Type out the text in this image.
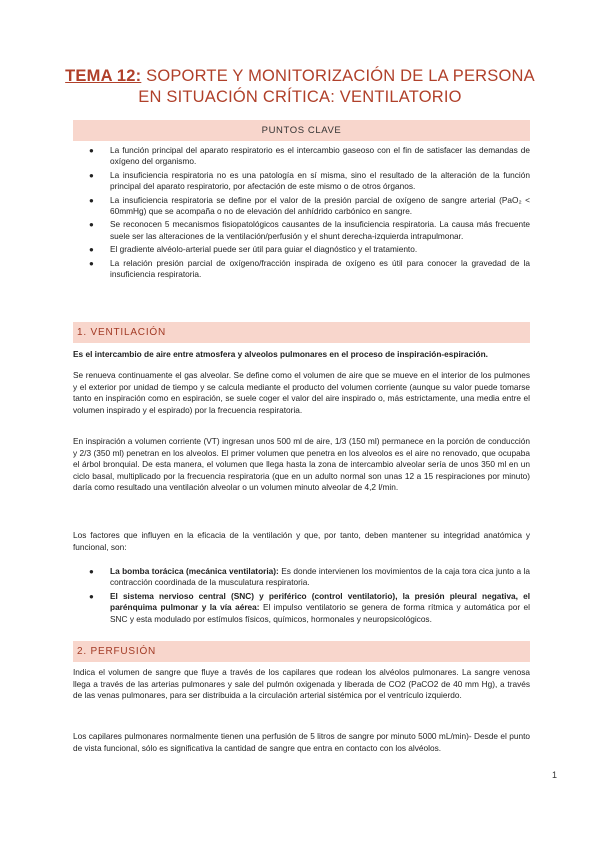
TEMA 12: SOPORTE Y MONITORIZACIÓN DE LA PERSONA
EN SITUACIÓN CRÍTICA: VENTILATORIO
PUNTOS CLAVE
● La función principal del aparato respiratorio es el intercambio gaseoso con el fin de satisfacer las demandas de oxígeno del organismo.
● La insuficiencia respiratoria no es una patología en sí misma, sino el resultado de la alteración de la función principal del aparato respiratorio, por afectación de este mismo o de otros órganos.
● La insuficiencia respiratoria se define por el valor de la presión parcial de oxígeno de sangre arterial (PaO₂ < 60mmHg) que se acompaña o no de elevación del anhídrido carbónico en sangre.
● Se reconocen 5 mecanismos fisiopatológicos causantes de la insuficiencia respiratoria. La causa más frecuente suele ser las alteraciones de la ventilación/perfusión y el shunt derecha-izquierda intrapulmonar.
● El gradiente alvéolo-arterial puede ser útil para guiar el diagnóstico y el tratamiento.
● La relación presión parcial de oxígeno/fracción inspirada de oxígeno es útil para conocer la gravedad de la insuficiencia respiratoria.
1. VENTILACIÓN

Es el intercambio de aire entre atmosfera y alveolos pulmonares en el proceso de inspiración-espiración.

Se renueva continuamente el gas alveolar. Se define como el volumen de aire que se mueve en el interior de los pulmones y el exterior por unidad de tiempo y se calcula mediante el producto del volumen corriente (aunque su valor puede tomarse tanto en inspiración como en espiración, se suele coger el valor del aire inspirado o, más estrictamente, una media entre el volumen inspirado y el espirado) por la frecuencia respiratoria.

En inspiración a volumen corriente (VT) ingresan unos 500 ml de aire, 1/3 (150 ml) permanece en la porción de conducción y 2/3 (350 ml) penetran en los alveolos. El primer volumen que penetra en los alveolos es el aire no renovado, que ocupaba el árbol bronquial. De esta manera, el volumen que llega hasta la zona de intercambio alveolar sería de unos 350 ml en un ciclo basal, multiplicado por la frecuencia respiratoria (que en un adulto normal son unas 12 a 15 respiraciones por minuto) daría como resultado una ventilación alveolar o un volumen minuto alveolar de 4,2 l/min.

Los factores que influyen en la eficacia de la ventilación y que, por tanto, deben mantener su integridad anatómica y funcional, son:

● La bomba torácica (mecánica ventilatoria): Es donde intervienen los movimientos de la caja tora cica junto a la contracción coordinada de la musculatura respiratoria.
● El sistema nervioso central (SNC) y periférico (control ventilatorio), la presión pleural negativa, el parénquima pulmonar y la vía aérea: El impulso ventilatorio se genera de forma rítmica y automática por el SNC y esta modulado por estímulos físicos, químicos, hormonales y neuropsicológicos.
2. PERFUSIÓN

Indica el volumen de sangre que fluye a través de los capilares que rodean los alvéolos pulmonares. La sangre venosa llega a través de las arterias pulmonares y sale del pulmón oxigenada y liberada de CO2 (PaCO2 de 40 mm Hg), a través de las venas pulmonares, para ser distribuida a la circulación arterial sistémica por el ventrículo izquierdo.

Los capilares pulmonares normalmente tienen una perfusión de 5 litros de sangre por minuto 5000 mL/min)- Desde el punto de vista funcional, sólo es significativa la cantidad de sangre que entra en contacto con los alvéolos.

1
